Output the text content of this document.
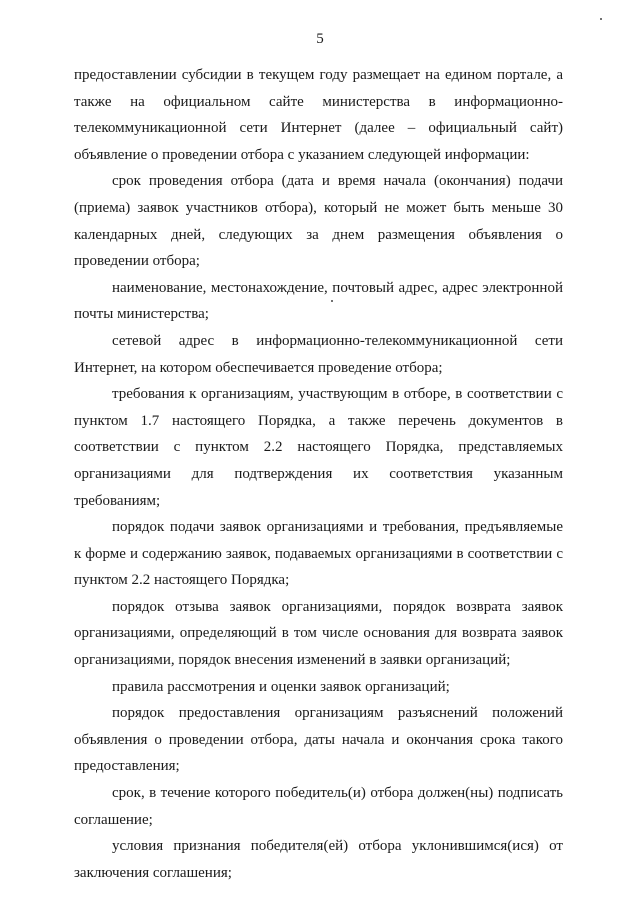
5

предоставлении субсидии в текущем году размещает на едином портале, а также на официальном сайте министерства в информационно-телекоммуникационной сети Интернет (далее – официальный сайт) объявление о проведении отбора с указанием следующей информации:

срок проведения отбора (дата и время начала (окончания) подачи (приема) заявок участников отбора), который не может быть меньше 30 календарных дней, следующих за днем размещения объявления о проведении отбора;

наименование, местонахождение, почтовый адрес, адрес электронной почты министерства;

сетевой адрес в информационно-телекоммуникационной сети Интернет, на котором обеспечивается проведение отбора;

требования к организациям, участвующим в отборе, в соответствии с пунктом 1.7 настоящего Порядка, а также перечень документов в соответствии с пунктом 2.2 настоящего Порядка, представляемых организациями для подтверждения их соответствия указанным требованиям;

порядок подачи заявок организациями и требования, предъявляемые к форме и содержанию заявок, подаваемых организациями в соответствии с пунктом 2.2 настоящего Порядка;

порядок отзыва заявок организациями, порядок возврата заявок организациями, определяющий в том числе основания для возврата заявок организациями, порядок внесения изменений в заявки организаций;

правила рассмотрения и оценки заявок организаций;

порядок предоставления организациям разъяснений положений объявления о проведении отбора, даты начала и окончания срока такого предоставления;

срок, в течение которого победитель(и) отбора должен(ны) подписать соглашение;

условия признания победителя(ей) отбора уклонившимся(ися) от заключения соглашения;
